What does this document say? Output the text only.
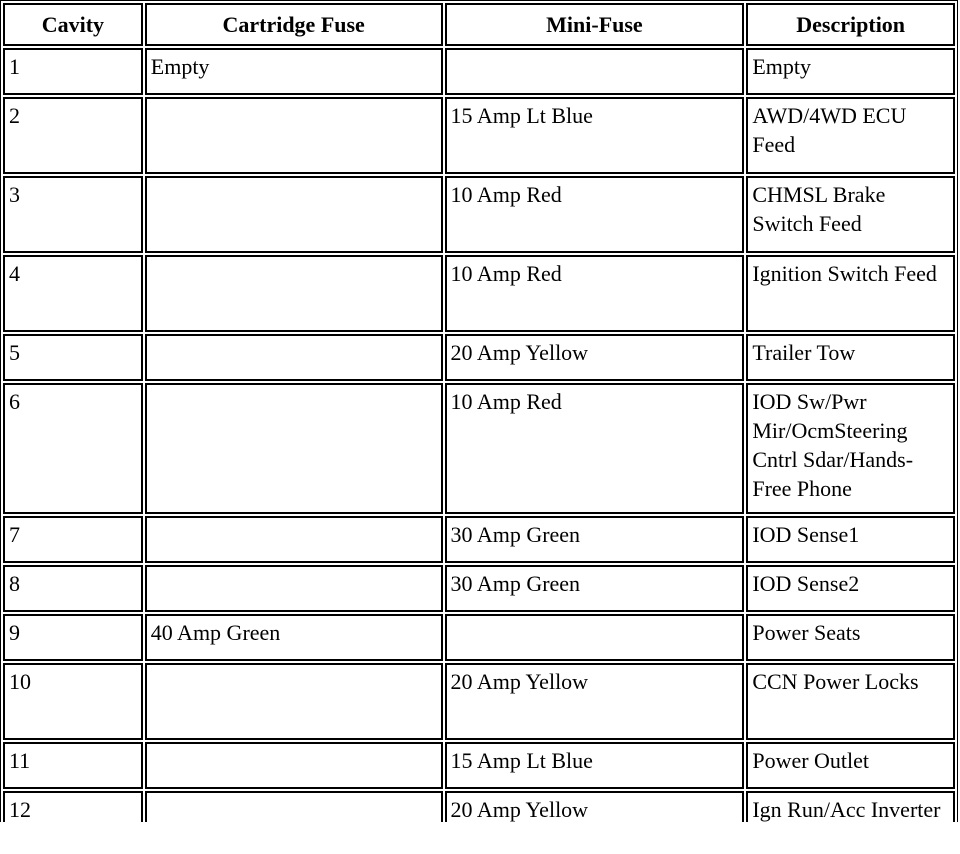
Cavity	Cartridge Fuse	Mini-Fuse	Description
1	Empty		Empty
2		15 Amp Lt Blue	AWD/4WD ECU Feed
3		10 Amp Red	CHMSL Brake Switch Feed
4		10 Amp Red	Ignition Switch Feed
5		20 Amp Yellow	Trailer Tow
6		10 Amp Red	IOD Sw/Pwr Mir/OcmSteering Cntrl Sdar/Hands-Free Phone
7		30 Amp Green	IOD Sense1
8		30 Amp Green	IOD Sense2
9	40 Amp Green		Power Seats
10		20 Amp Yellow	CCN Power Locks
11		15 Amp Lt Blue	Power Outlet
12		20 Amp Yellow	Ign Run/Acc Inverter
